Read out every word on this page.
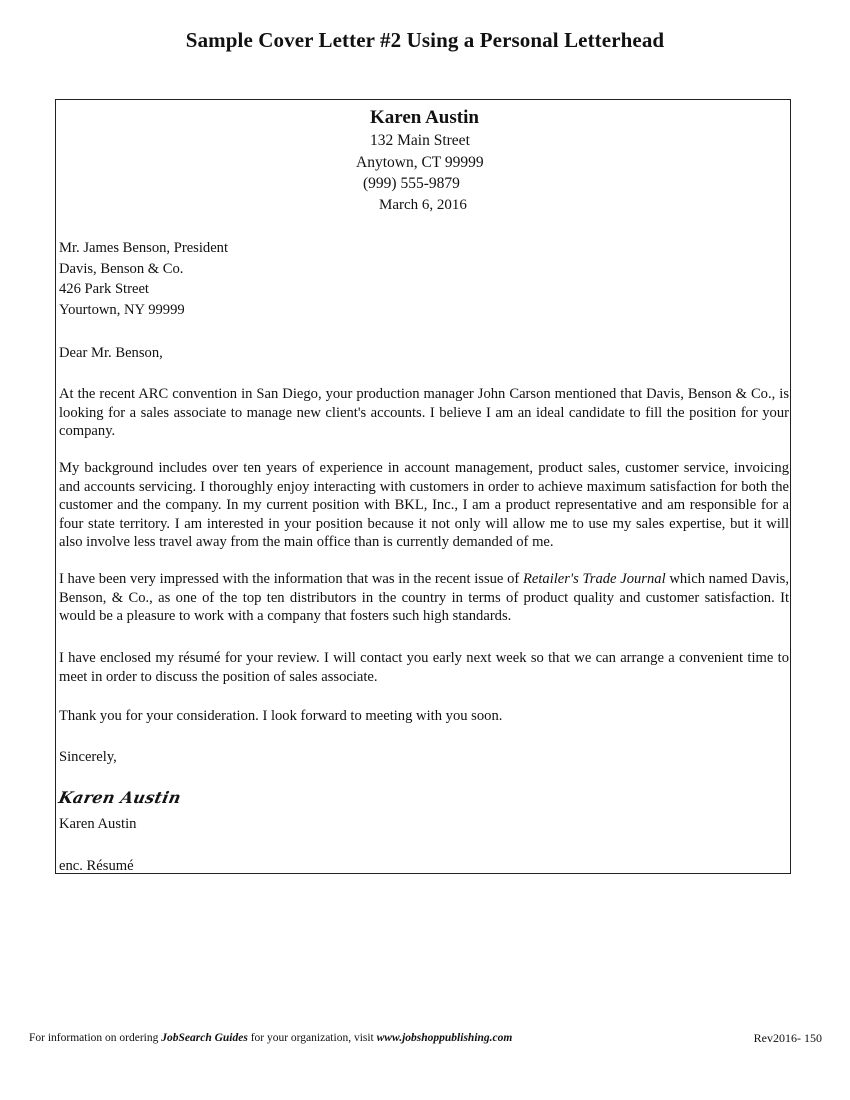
Sample Cover Letter #2 Using a Personal Letterhead
Karen Austin
132 Main Street
Anytown, CT 99999
(999) 555-9879
March 6, 2016
Mr. James Benson, President
Davis, Benson & Co.
426 Park Street
Yourtown, NY 99999
Dear Mr. Benson,
At the recent ARC convention in San Diego, your production manager John Carson mentioned that Davis, Benson & Co., is looking for a sales associate to manage new client's accounts. I believe I am an ideal candidate to fill the position for your company.
My background includes over ten years of experience in account management, product sales, customer service, invoicing and accounts servicing. I thoroughly enjoy interacting with customers in order to achieve maximum satisfaction for both the customer and the company. In my current position with BKL, Inc., I am a product representative and am responsible for a four state territory. I am interested in your position because it not only will allow me to use my sales expertise, but it will also involve less travel away from the main office than is currently demanded of me.
I have been very impressed with the information that was in the recent issue of Retailer's Trade Journal which named Davis, Benson, & Co., as one of the top ten distributors in the country in terms of product quality and customer satisfaction. It would be a pleasure to work with a company that fosters such high standards.
I have enclosed my résumé for your review. I will contact you early next week so that we can arrange a convenient time to meet in order to discuss the position of sales associate.
Thank you for your consideration. I look forward to meeting with you soon.
Sincerely,
Karen Austin
Karen Austin
enc. Résumé
For information on ordering JobSearch Guides for your organization, visit www.jobshoppublishing.com	Rev2016- 150
